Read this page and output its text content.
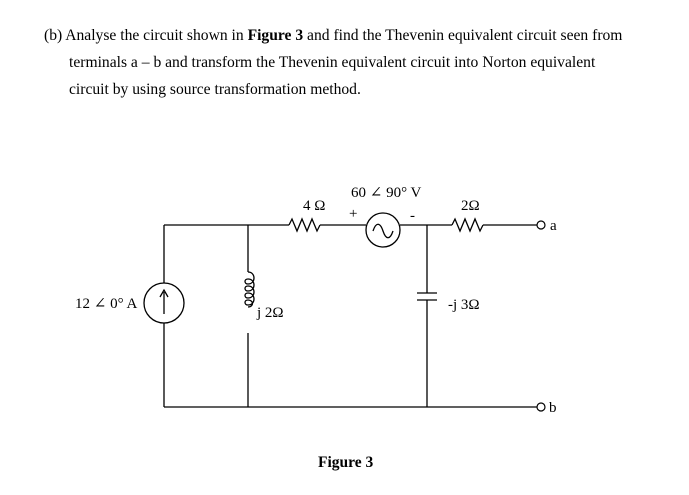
(b) Analyse the circuit shown in Figure 3 and find the Thevenin equivalent circuit seen from
terminals a – b and transform the Thevenin equivalent circuit into Norton equivalent
circuit by using source transformation method.
12 ∠ 0° A
j 2Ω
4 Ω
60 ∠ 90° V
+	-
2Ω
-j 3Ω
a
b
Figure 3
